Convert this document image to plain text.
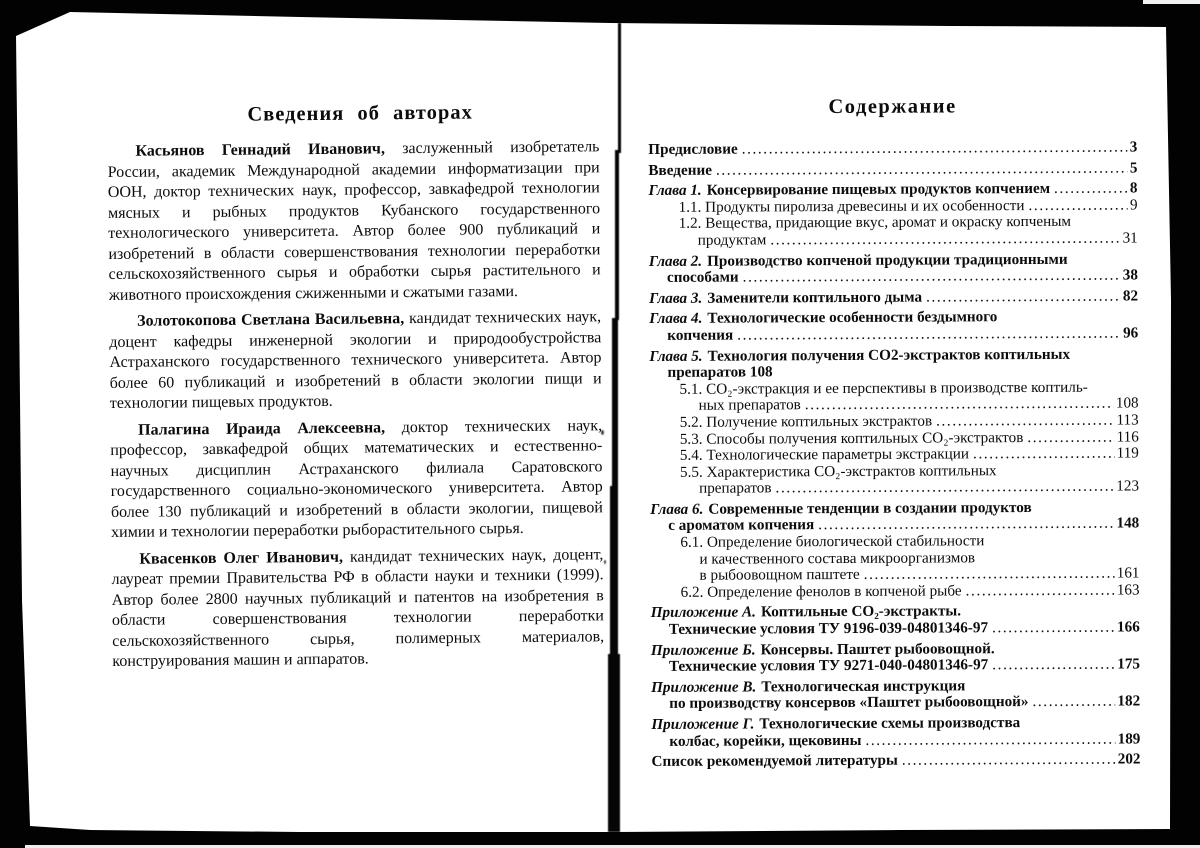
Сведения об авторах

Касьянов Геннадий Иванович, заслуженный изобретатель России, академик Международной академии информатизации при ООН, доктор технических наук, профессор, завкафедрой технологии мясных и рыбных продуктов Кубанского государственного технологического университета. Автор более 900 публикаций и изобретений в области совершенствования технологии переработки сельскохозяйственного сырья и обработки сырья растительного и животного происхождения сжиженными и сжатыми газами.

Золотокопова Светлана Васильевна, кандидат технических наук, доцент кафедры инженерной экологии и природообустройства Астраханского государственного технического университета. Автор более 60 публикаций и изобретений в области экологии пищи и технологии пищевых продуктов.

Палагина Ираида Алексеевна, доктор технических наук, профессор, завкафедрой общих математических и естественно-научных дисциплин Астраханского филиала Саратовского государственного социально-экономического университета. Автор более 130 публикаций и изобретений в области экологии, пищевой химии и технологии переработки рыборастительного сырья.

Квасенков Олег Иванович, кандидат технических наук, доцент, лауреат премии Правительства РФ в области науки и техники (1999). Автор более 2800 научных публикаций и патентов на изобретения в области совершенствования технологии переработки сельскохозяйственного сырья, полимерных материалов, конструирования машин и аппаратов.

Содержание
Предисловие .....	3
Введение .....	5
Глава 1. Консервирование пищевых продуктов копчением .....	8
1.1. Продукты пиролиза древесины и их особенности .....	9
1.2. Вещества, придающие вкус, аромат и окраску копченым
продуктам .....	31
Глава 2. Производство копченой продукции традиционными
способами .....	38
Глава 3. Заменители коптильного дыма .....	82
Глава 4. Технологические особенности бездымного
копчения .....	96
Глава 5. Технология получения СО2-экстрактов коптильных
препаратов 108
5.1. СО₂-экстракция и ее перспективы в производстве коптиль-
ных препаратов .....	108
5.2. Получение коптильных экстрактов .....	113
5.3. Способы получения коптильных СО₂-экстрактов .....	116
5.4. Технологические параметры экстракции .....	119
5.5. Характеристика СО₂-экстрактов коптильных
препаратов .....	123
Глава 6. Современные тенденции в создании продуктов
с ароматом копчения .....	148
6.1. Определение биологической стабильности
и качественного состава микроорганизмов
в рыбоовощном паштете .....	161
6.2. Определение фенолов в копченой рыбе .....	163
Приложение А. Коптильные СО₂-экстракты.
Технические условия ТУ 9196-039-04801346-97 .....	166
Приложение Б. Консервы. Паштет рыбоовощной.
Технические условия ТУ 9271-040-04801346-97 .....	175
Приложение В. Технологическая инструкция
по производству консервов «Паштет рыбоовощной» .....	182
Приложение Г. Технологические схемы производства
колбас, корейки, щековины .....	189
Список рекомендуемой литературы .....	202
